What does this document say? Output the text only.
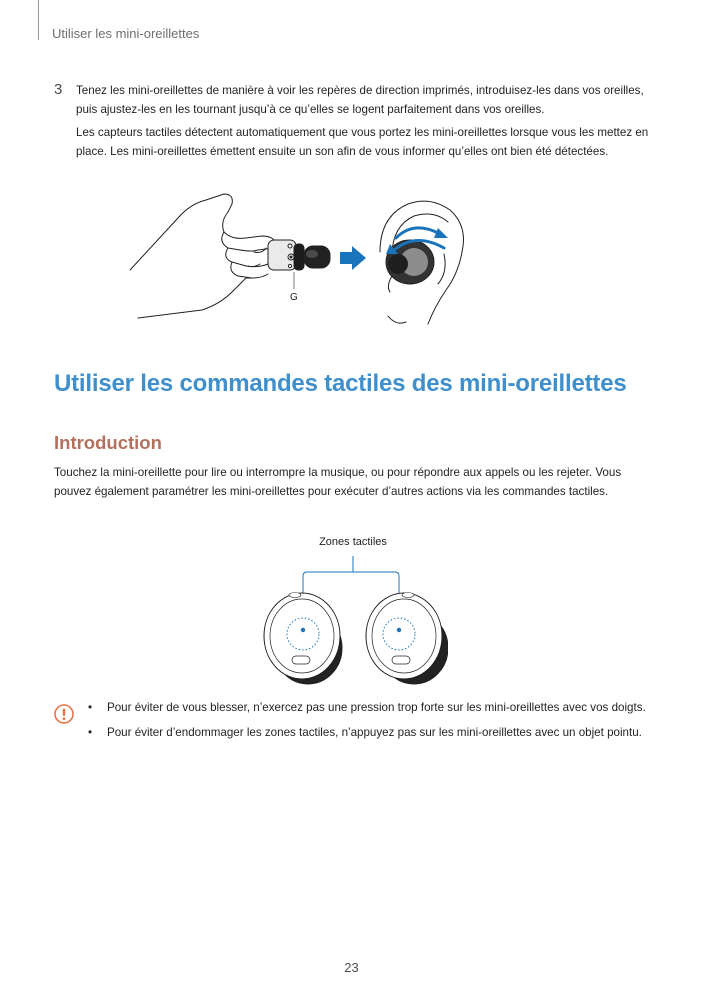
Utiliser les mini-oreillettes
3 Tenez les mini-oreillettes de manière à voir les repères de direction imprimés, introduisez-les dans vos oreilles, puis ajustez-les en les tournant jusqu’à ce qu’elles se logent parfaitement dans vos oreilles.

Les capteurs tactiles détectent automatiquement que vous portez les mini-oreillettes lorsque vous les mettez en place. Les mini-oreillettes émettent ensuite un son afin de vous informer qu’elles ont bien été détectées.

L
G
Utiliser les commandes tactiles des mini-oreillettes
Introduction
Touchez la mini-oreillette pour lire ou interrompre la musique, ou pour répondre aux appels ou les rejeter. Vous pouvez également paramétrer les mini-oreillettes pour exécuter d’autres actions via les commandes tactiles.
Zones tactiles
• Pour éviter de vous blesser, n’exercez pas une pression trop forte sur les mini-oreillettes avec vos doigts.
• Pour éviter d’endommager les zones tactiles, n’appuyez pas sur les mini-oreillettes avec un objet pointu.
23
